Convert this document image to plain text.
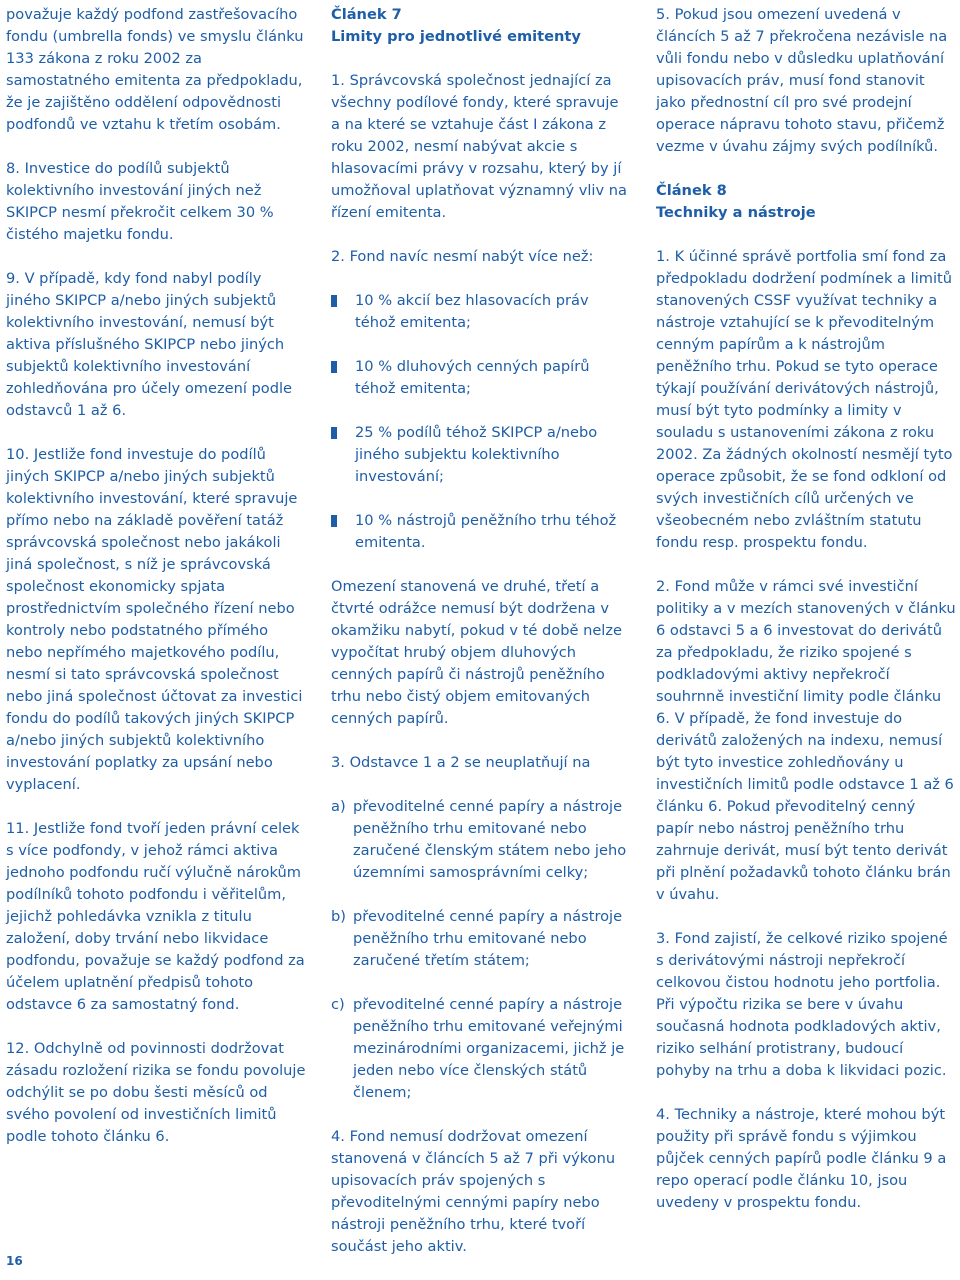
považuje každý podfond zastřešovacího fondu (umbrella fonds) ve smyslu článku 133 zákona z roku 2002 za samostatného emitenta za předpokladu, že je zajištěno oddělení odpovědnosti podfondů ve vztahu k třetím osobám.

8. Investice do podílů subjektů kolektivního investování jiných než SKIPCP nesmí překročit celkem 30 % čistého majetku fondu.

9. V případě, kdy fond nabyl podíly jiného SKIPCP a/nebo jiných subjektů kolektivního investování, nemusí být aktiva příslušného SKIPCP nebo jiných subjektů kolektivního investování zohledňována pro účely omezení podle odstavců 1 až 6.

10. Jestliže fond investuje do podílů jiných SKIPCP a/nebo jiných subjektů kolektivního investování, které spravuje přímo nebo na základě pověření tatáž správcovská společnost nebo jakákoli jiná společnost, s níž je správcovská společnost ekonomicky spjata prostřednictvím společného řízení nebo kontroly nebo podstatného přímého nebo nepřímého majetkového podílu, nesmí si tato správcovská společnost nebo jiná společnost účtovat za investici fondu do podílů takových jiných SKIPCP a/nebo jiných subjektů kolektivního investování poplatky za upsání nebo vyplacení.

11. Jestliže fond tvoří jeden právní celek s více podfondy, v jehož rámci aktiva jednoho podfondu ručí výlučně nárokům podílníků tohoto podfondu i věřitelům, jejichž pohledávka vznikla z titulu založení, doby trvání nebo likvidace podfondu, považuje se každý podfond za účelem uplatnění předpisů tohoto odstavce 6 za samostatný fond.

12. Odchylně od povinnosti dodržovat zásadu rozložení rizika se fondu povoluje odchýlit se po dobu šesti měsíců od svého povolení od investičních limitů podle tohoto článku 6.

Článek 7
Limity pro jednotlivé emitenty

1. Správcovská společnost jednající za všechny podílové fondy, které spravuje a na které se vztahuje část I zákona z roku 2002, nesmí nabývat akcie s hlasovacími právy v rozsahu, který by jí umožňoval uplatňovat významný vliv na řízení emitenta.

2. Fond navíc nesmí nabýt více než:

10 % akcií bez hlasovacích práv téhož emitenta;
10 % dluhových cenných papírů téhož emitenta;
25 % podílů téhož SKIPCP a/nebo jiného subjektu kolektivního investování;
10 % nástrojů peněžního trhu téhož emitenta.

Omezení stanovená ve druhé, třetí a čtvrté odrážce nemusí být dodržena v okamžiku nabytí, pokud v té době nelze vypočítat hrubý objem dluhových cenných papírů či nástrojů peněžního trhu nebo čistý objem emitovaných cenných papírů.

3. Odstavce 1 a 2 se neuplatňují na

a) převoditelné cenné papíry a nástroje peněžního trhu emitované nebo zaručené členským státem nebo jeho územními samosprávními celky;
b) převoditelné cenné papíry a nástroje peněžního trhu emitované nebo zaručené třetím státem;
c) převoditelné cenné papíry a nástroje peněžního trhu emitované veřejnými mezinárodními organizacemi, jichž je jeden nebo více členských států členem;

4. Fond nemusí dodržovat omezení stanovená v článcích 5 až 7 při výkonu upisovacích práv spojených s převoditelnými cennými papíry nebo nástroji peněžního trhu, které tvoří součást jeho aktiv.

5. Pokud jsou omezení uvedená v článcích 5 až 7 překročena nezávisle na vůli fondu nebo v důsledku uplatňování upisovacích práv, musí fond stanovit jako přednostní cíl pro své prodejní operace nápravu tohoto stavu, přičemž vezme v úvahu zájmy svých podílníků.

Článek 8
Techniky a nástroje

1. K účinné správě portfolia smí fond za předpokladu dodržení podmínek a limitů stanovených CSSF využívat techniky a nástroje vztahující se k převoditelným cenným papírům a k nástrojům peněžního trhu. Pokud se tyto operace týkají používání derivátových nástrojů, musí být tyto podmínky a limity v souladu s ustanoveními zákona z roku 2002. Za žádných okolností nesmějí tyto operace způsobit, že se fond odkloní od svých investičních cílů určených ve všeobecném nebo zvláštním statutu fondu resp. prospektu fondu.

2. Fond může v rámci své investiční politiky a v mezích stanovených v článku 6 odstavci 5 a 6 investovat do derivátů za předpokladu, že riziko spojené s podkladovými aktivy nepřekročí souhrnně investiční limity podle článku 6. V případě, že fond investuje do derivátů založených na indexu, nemusí být tyto investice zohledňovány u investičních limitů podle odstavce 1 až 6 článku 6. Pokud převoditelný cenný papír nebo nástroj peněžního trhu zahrnuje derivát, musí být tento derivát při plnění požadavků tohoto článku brán v úvahu.

3. Fond zajistí, že celkové riziko spojené s derivátovými nástroji nepřekročí celkovou čistou hodnotu jeho portfolia. Při výpočtu rizika se bere v úvahu současná hodnota podkladových aktiv, riziko selhání protistrany, budoucí pohyby na trhu a doba k likvidaci pozic.

4. Techniky a nástroje, které mohou být použity při správě fondu s výjimkou půjček cenných papírů podle článku 9 a repo operací podle článku 10, jsou uvedeny v prospektu fondu.

16
